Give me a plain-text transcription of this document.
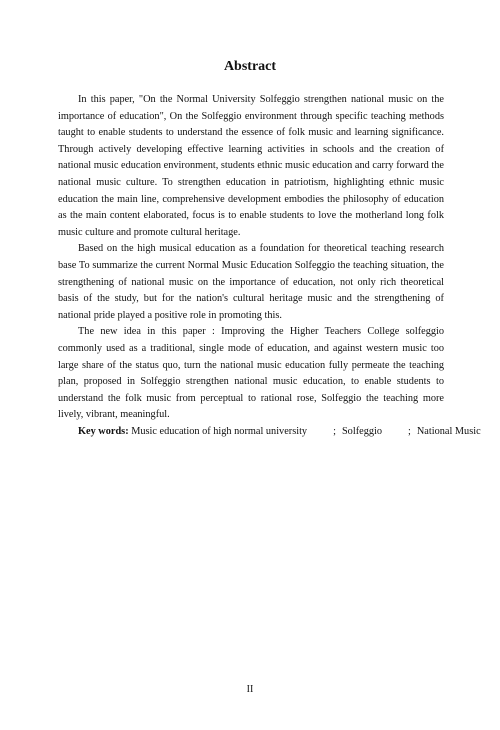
Abstract

In this paper, "On the Normal University Solfeggio strengthen national music on the importance of education", On the Solfeggio environment through specific teaching methods taught to enable students to understand the essence of folk music and learning significance. Through actively developing effective learning activities in schools and the creation of national music education environment, students ethnic music education and carry forward the national music culture. To strengthen education in patriotism, highlighting ethnic music education the main line, comprehensive development embodies the philosophy of education as the main content elaborated, focus is to enable students to love the motherland long folk music culture and promote cultural heritage.

Based on the high musical education as a foundation for theoretical teaching research base To summarize the current Normal Music Education Solfeggio the teaching situation, the strengthening of national music on the importance of education, not only rich theoretical basis of the study, but for the nation's cultural heritage music and the strengthening of national pride played a positive role in promoting this.

The new idea in this paper : Improving the Higher Teachers College solfeggio commonly used as a traditional, single mode of education, and against western music too large share of the status quo, turn the national music education fully permeate the teaching plan, proposed in Solfeggio strengthen national music education, to enable students to understand the folk music from perceptual to rational rose, Solfeggio the teaching more lively, vibrant, meaningful.

Key words: Music education of high normal university	; Solfeggio	; National Music

II
